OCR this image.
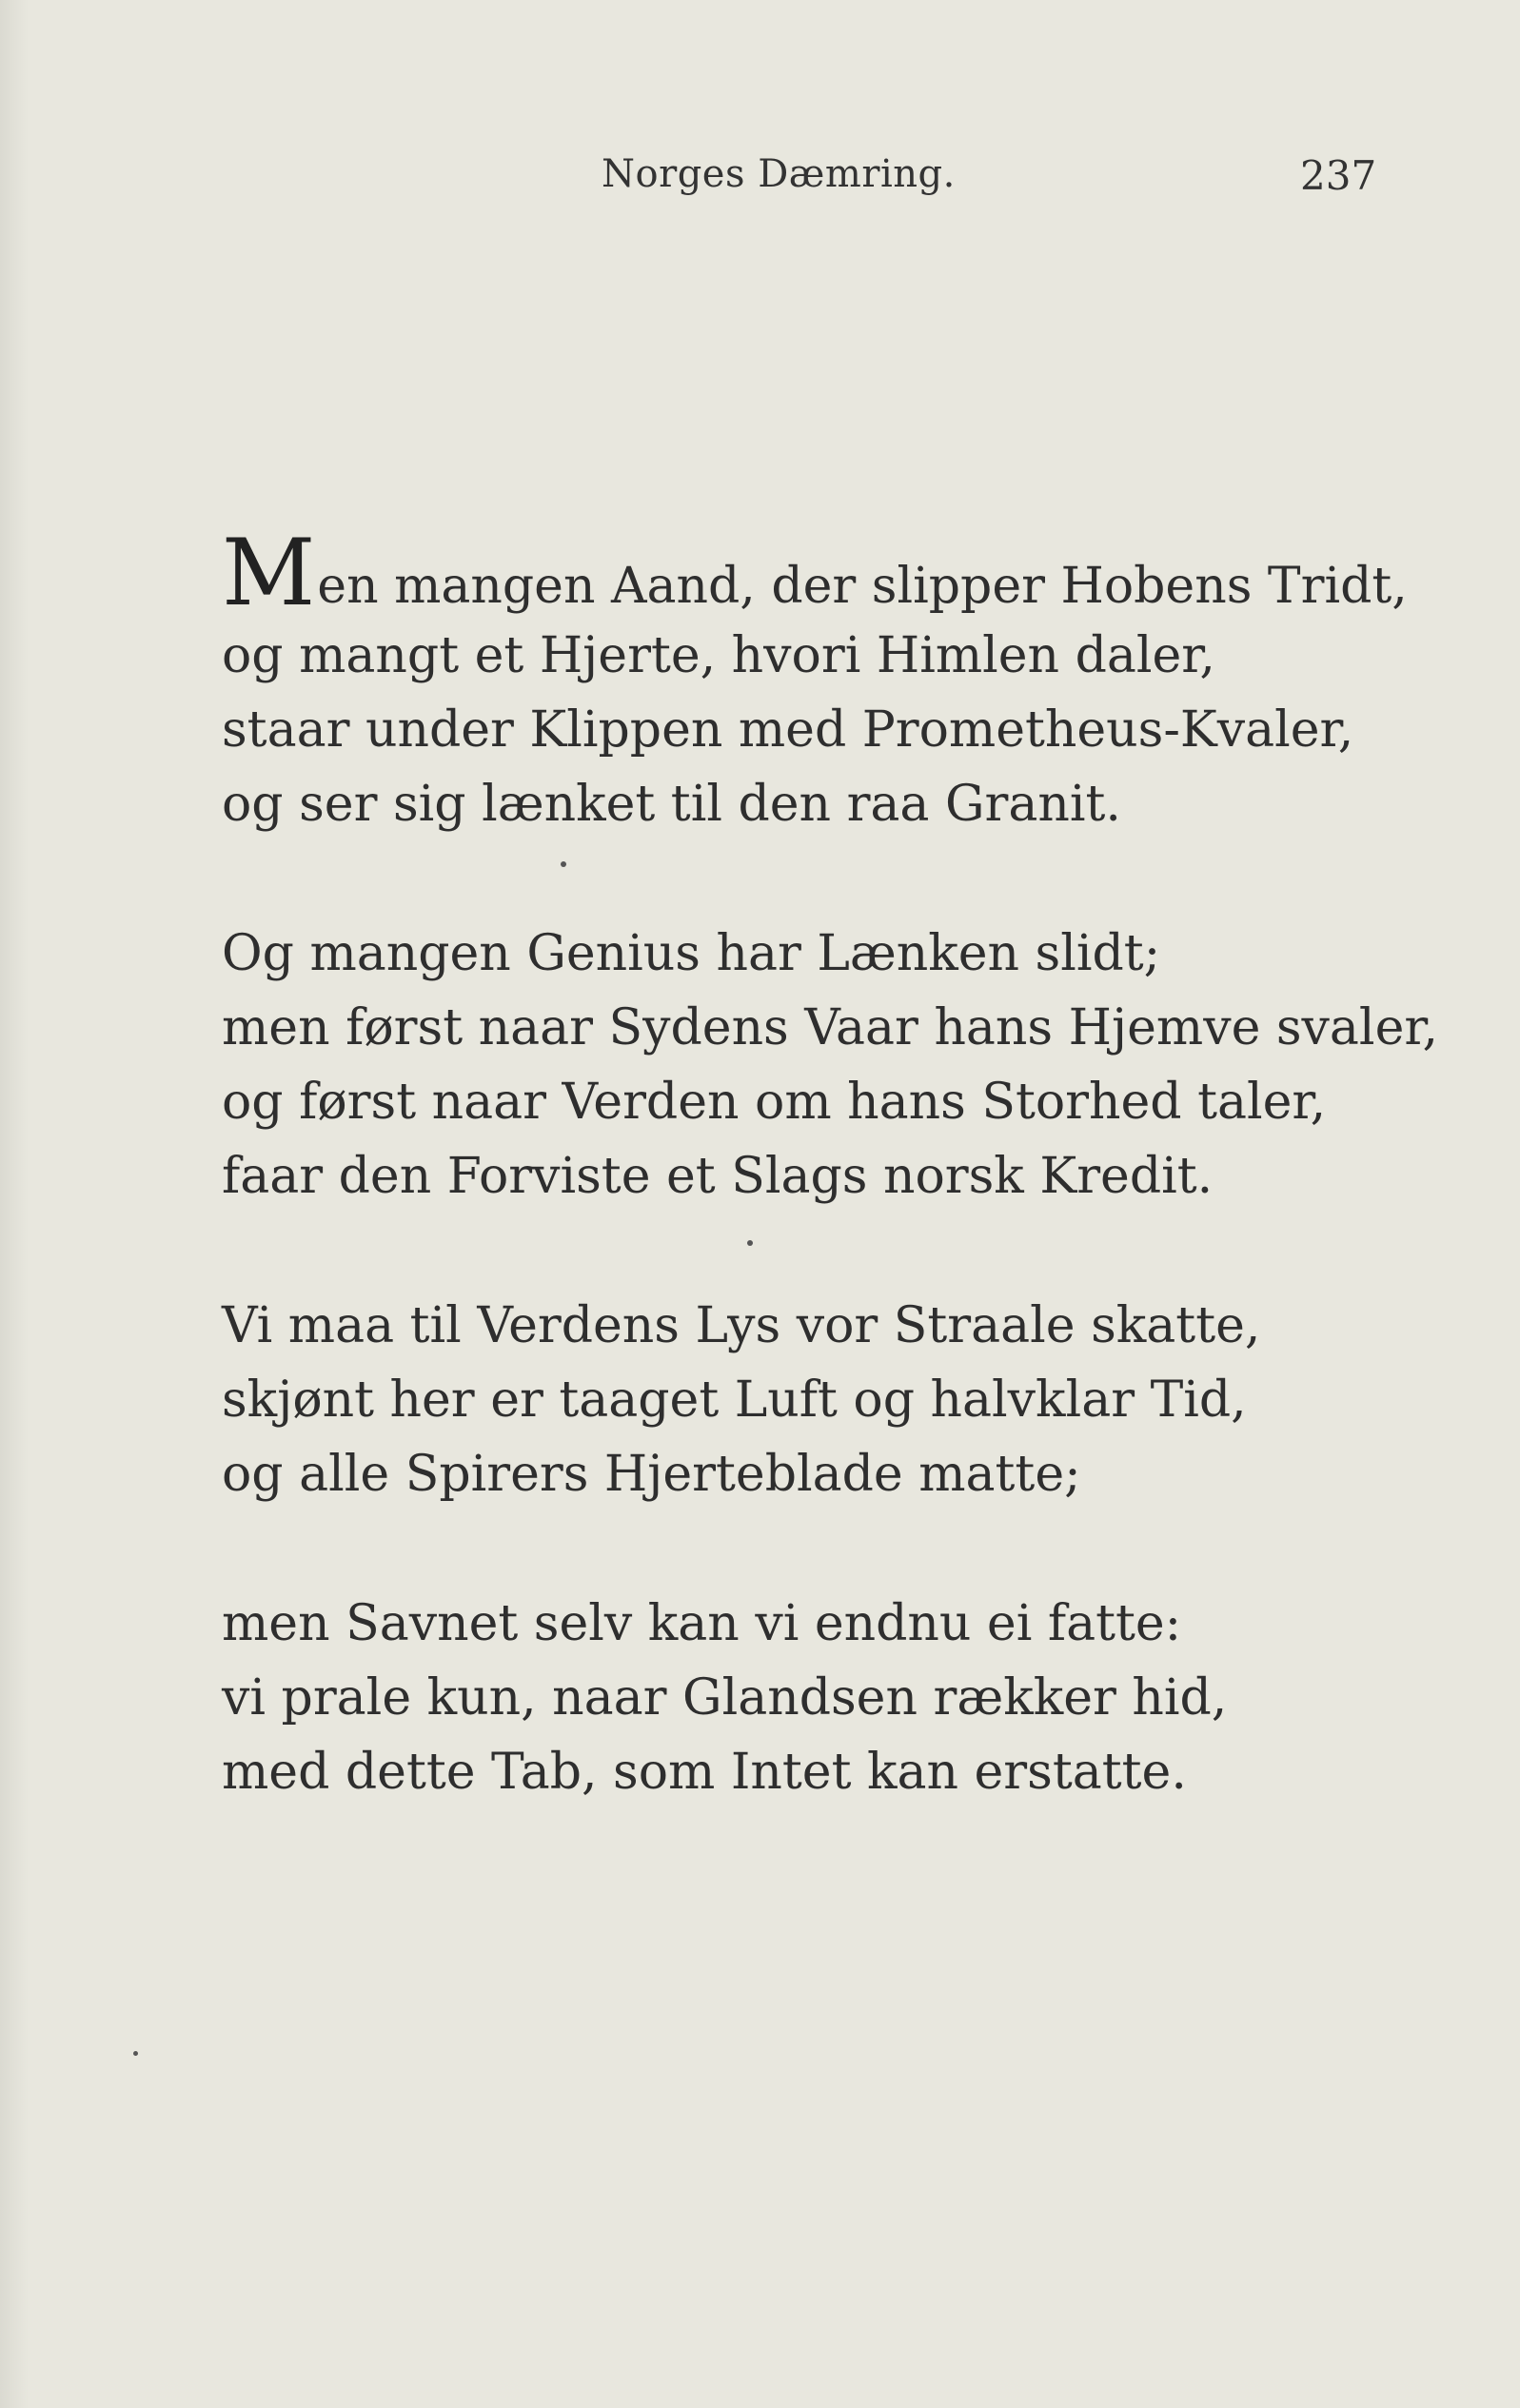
Norges Dæmring.	237
Men mangen Aand, der slipper Hobens Tridt,
og mangt et Hjerte, hvori Himlen daler,
staar under Klippen med Prometheus-Kvaler,
og ser sig lænket til den raa Granit.
Og mangen Genius har Lænken slidt;
men først naar Sydens Vaar hans Hjemve svaler,
og først naar Verden om hans Storhed taler,
faar den Forviste et Slags norsk Kredit.
Vi maa til Verdens Lys vor Straale skatte,
skjønt her er taaget Luft og halvklar Tid,
og alle Spirers Hjerteblade matte;
men Savnet selv kan vi endnu ei fatte:
vi prale kun, naar Glandsen rækker hid,
med dette Tab, som Intet kan erstatte.
